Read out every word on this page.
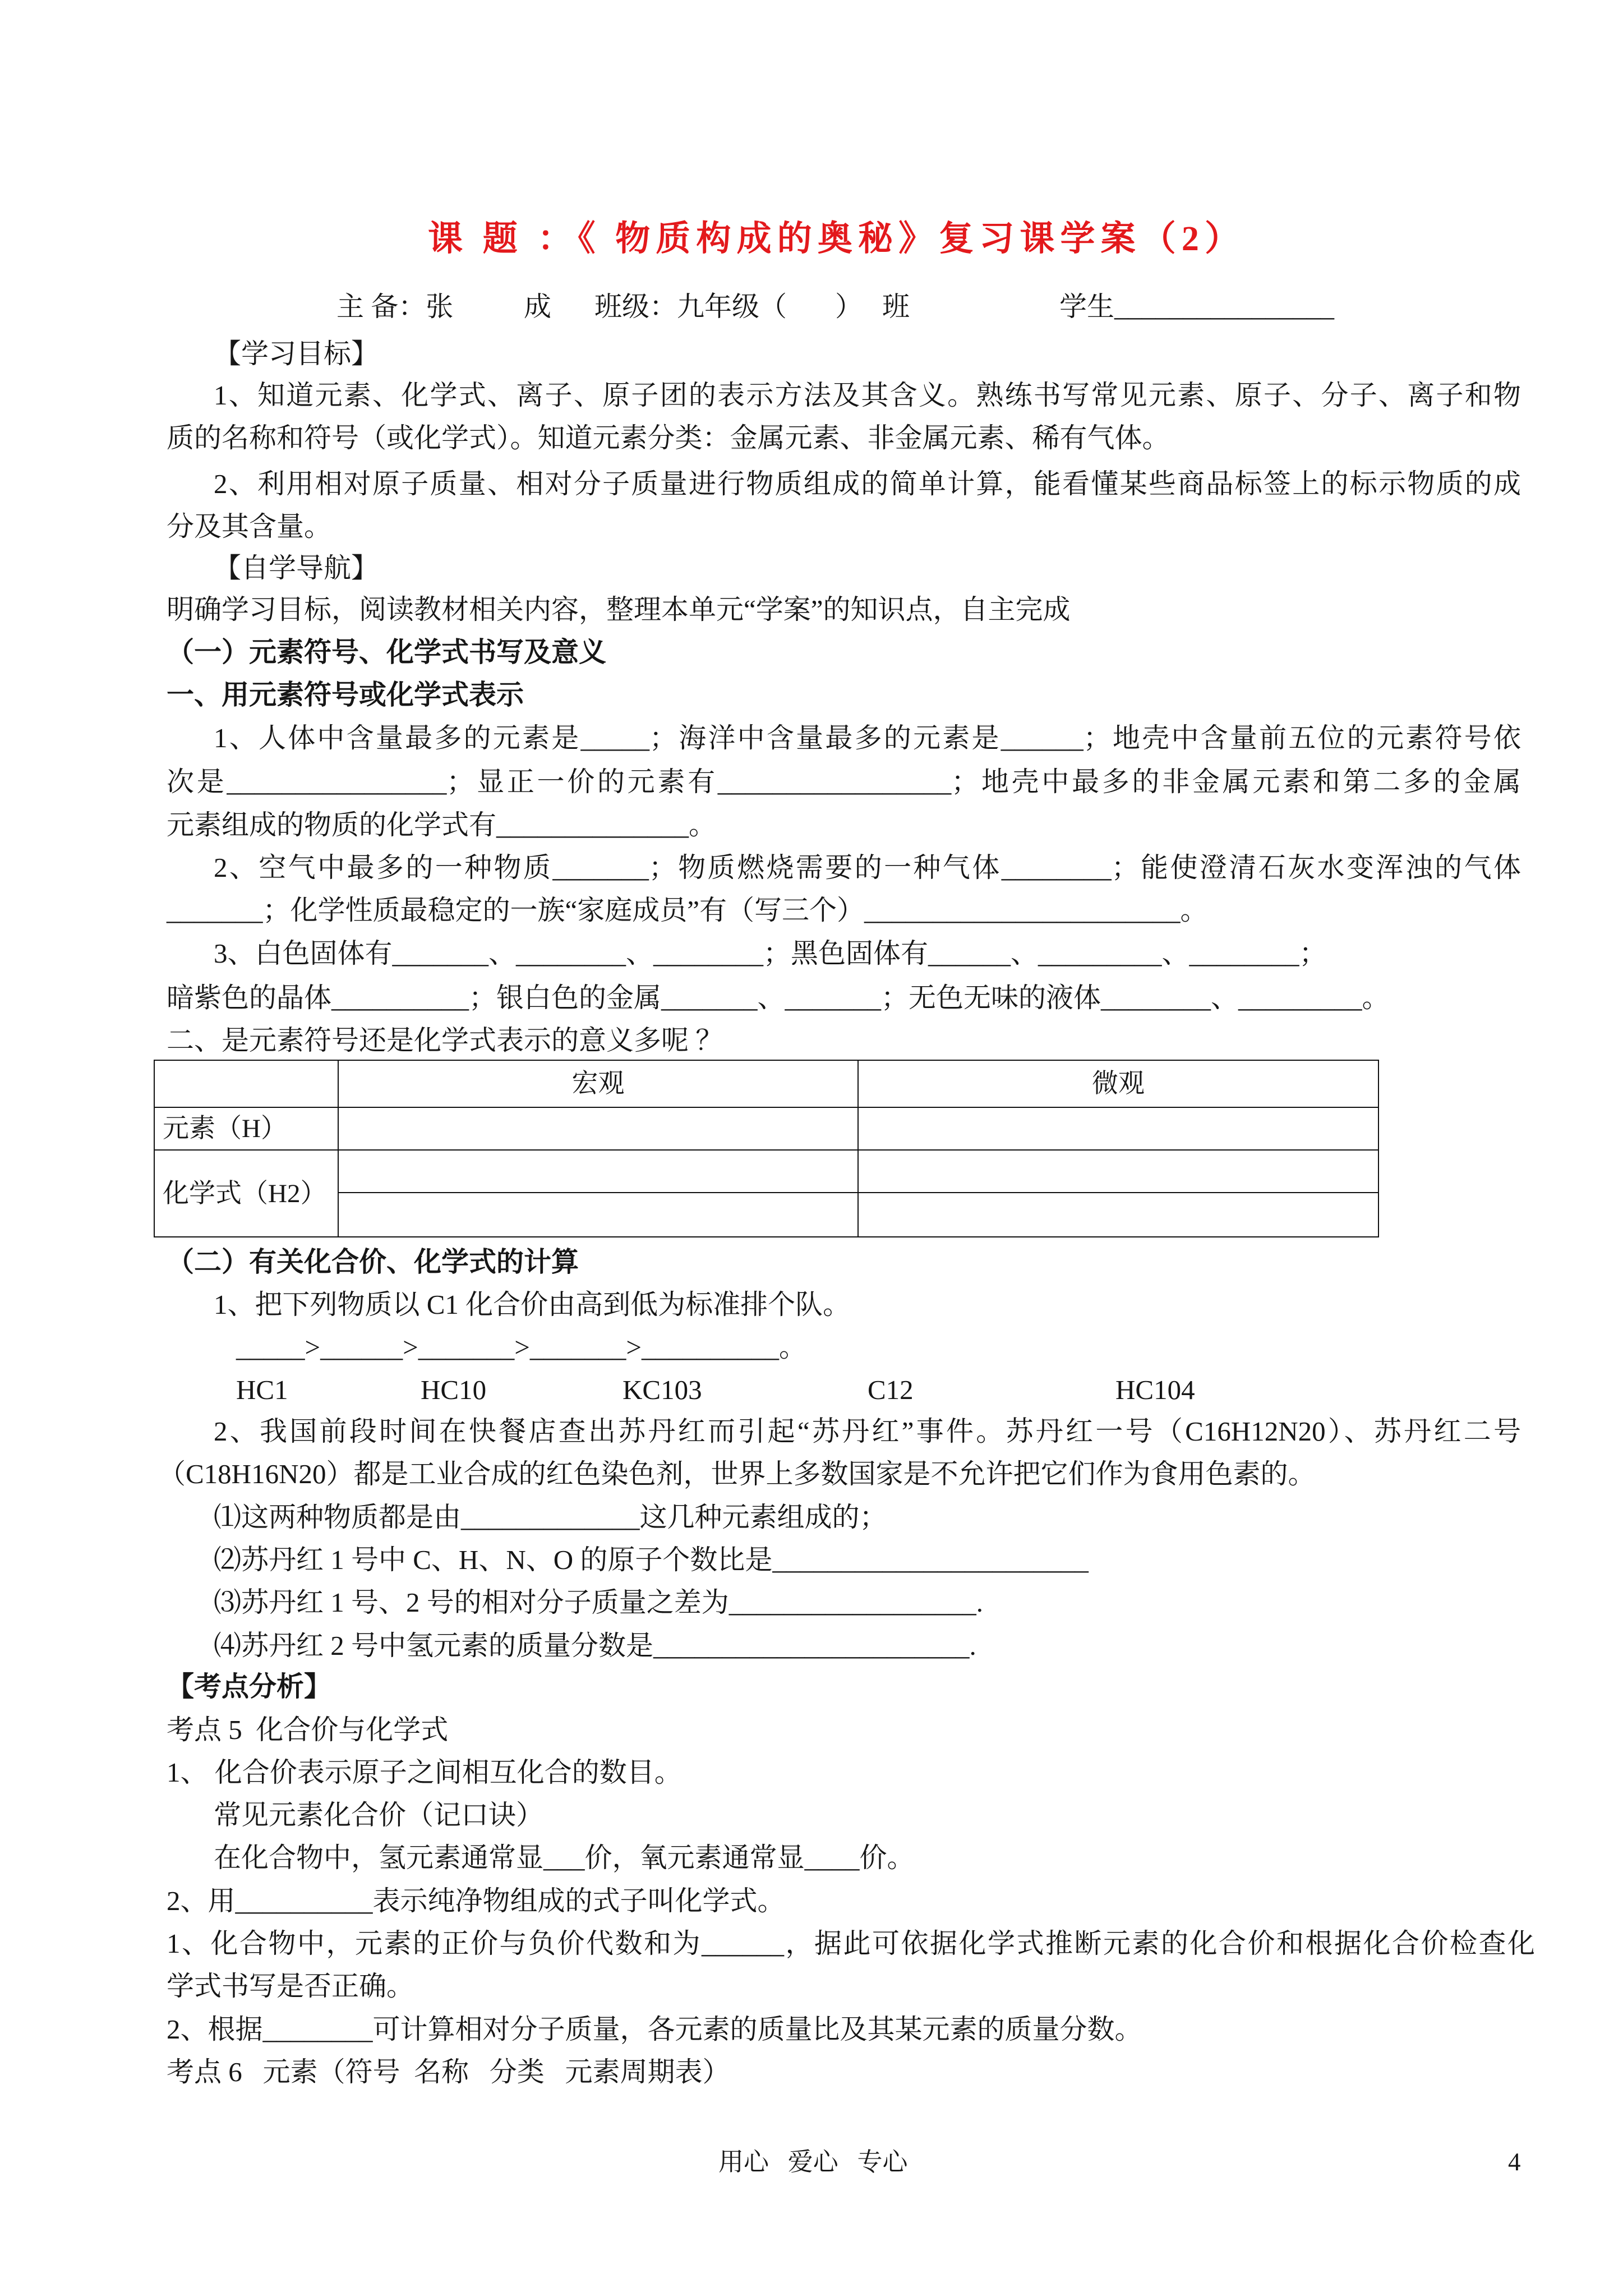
课 题 ：《 物质构成的奥秘》复习课学案（2）
主 备：张	成 班级：九年级（ ） 班	学生________________
【学习目标】
1、知道元素、化学式、离子、原子团的表示方法及其含义。熟练书写常见元素、原子、分子、离子和物
质的名称和符号（或化学式）。知道元素分类：金属元素、非金属元素、稀有气体。
2、利用相对原子质量、相对分子质量进行物质组成的简单计算，能看懂某些商品标签上的标示物质的成
分及其含量。
【自学导航】
明确学习目标，阅读教材相关内容，整理本单元“学案”的知识点，自主完成
（一）元素符号、化学式书写及意义
一、用元素符号或化学式表示
1、人体中含量最多的元素是_____；海洋中含量最多的元素是______；地壳中含量前五位的元素符号依
次是________________；显正一价的元素有_________________；地壳中最多的非金属元素和第二多的金属
元素组成的物质的化学式有______________。
2、空气中最多的一种物质_______；物质燃烧需要的一种气体________；能使澄清石灰水变浑浊的气体
_______；化学性质最稳定的一族“家庭成员”有（写三个）_______________________。
3、白色固体有_______、________、________；黑色固体有______、_________、________；
暗紫色的晶体__________；银白色的金属_______、_______；无色无味的液体________、_________。
二、是元素符号还是化学式表示的意义多呢 ？
	宏观	微观
元素（H）		
化学式（H2）		

（二）有关化合价、化学式的计算
1、把下列物质以 C1 化合价由高到低为标准排个队。
_____>______>_______>_______>__________。
HC1	HC10	KC103	C12	HC104
2、我国前段时间在快餐店查出苏丹红而引起“苏丹红”事件。苏丹红一号（C16H12N20）、苏丹红二号
（C18H16N20）都是工业合成的红色染色剂，世界上多数国家是不允许把它们作为食用色素的。
⑴这两种物质都是由_____________这几种元素组成的；
⑵苏丹红 1 号中 C、H、N、O 的原子个数比是_______________________
⑶苏丹红 1 号、2 号的相对分子质量之差为__________________.
⑷苏丹红 2 号中氢元素的质量分数是_______________________.
【考点分析】
考点 5  化合价与化学式
1、 化合价表示原子之间相互化合的数目。
常见元素化合价（记口诀）
在化合物中，氢元素通常显___价，氧元素通常显____价。
2、用__________表示纯净物组成的式子叫化学式。
1、化合物中，元素的正价与负价代数和为______，据此可依据化学式推断元素的化合价和根据化合价检查化
学式书写是否正确。
2、根据________可计算相对分子质量，各元素的质量比及其某元素的质量分数。
考点 6   元素（符号  名称   分类   元素周期表）
用心   爱心   专心	4
